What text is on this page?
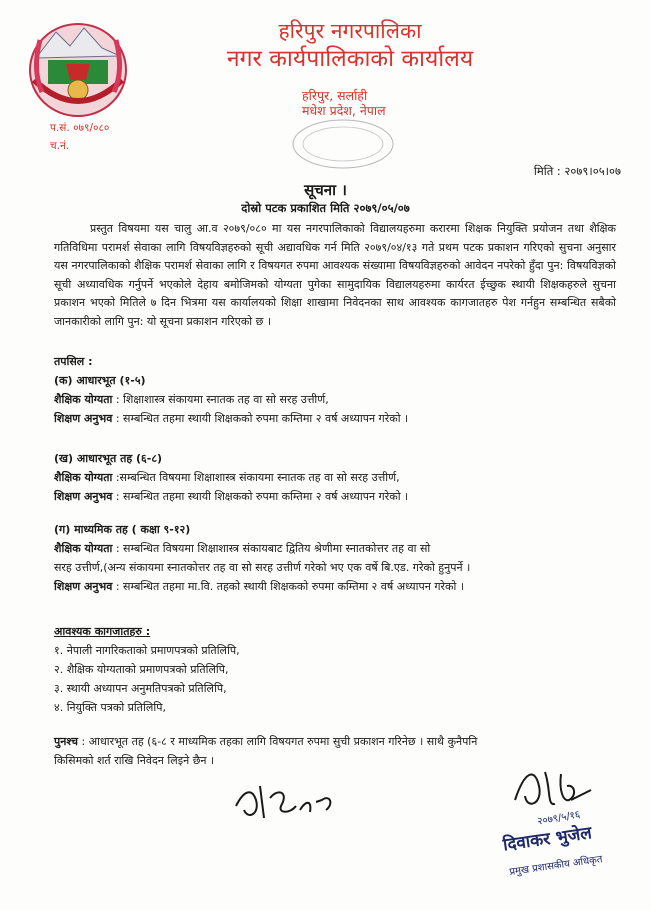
हरिपुर नगरपालिका
नगर कार्यपालिकाको कार्यालय
हरिपुर, सर्लाही
मधेश प्रदेश, नेपाल
प.सं. ०७९/०८०
च.नं.
मिति : २०७९।०५।०७
सूचना ।
दोस्रो पटक प्रकाशित मिति २०७९/०५/०७
प्रस्तुत विषयमा यस चालु आ.व २०७९/०८० मा यस नगरपालिकाको विद्यालयहरुमा करारमा शिक्षक नियुक्ति प्रयोजन तथा शैक्षिक गतिविधिमा परामर्श सेवाका लागि विषयविज्ञहरुको सूची अद्यावधिक गर्न मिति २०७९/०४/१३ गते प्रथम पटक प्रकाशन गरिएको सुचना अनुसार यस नगरपालिकाको शैक्षिक परामर्श सेवाका लागि र विषयगत रुपमा आवश्यक संख्यामा विषयविज्ञहरुको आवेदन नपरेको हुँदा पुन: विषयविज्ञको सूची अध्यावधिक गर्नुपर्ने भएकोले देहाय बमोजिमको योग्यता पुगेका सामुदायिक विद्यालयहरुमा कार्यरत ईच्छुक स्थायी शिक्षकहरुले सुचना प्रकाशन भएको मितिले ७ दिन भित्रमा यस कार्यालयको शिक्षा शाखामा निवेदनका साथ आवश्यक कागजातहरु पेश गर्नहुन सम्बन्धित सबैको जानकारीको लागि पुन: यो सूचना प्रकाशन गरिएको छ ।
तपसिल :
(क) आधारभूत (१-५)
शैक्षिक योग्यता : शिक्षाशास्त्र संकायमा स्नातक तह वा सो सरह उत्तीर्ण,
शिक्षण अनुभव : सम्बन्धित तहमा स्थायी शिक्षकको रुपमा कम्तिमा २ वर्ष अध्यापन गरेको ।
(ख) आधारभूत तह (६-८)
शैक्षिक योग्यता :सम्बन्धित विषयमा शिक्षाशास्त्र संकायमा स्नातक तह वा सो सरह उत्तीर्ण,
शिक्षण अनुभव : सम्बन्धित तहमा स्थायी शिक्षकको रुपमा कम्तिमा २ वर्ष अध्यापन गरेको ।
(ग) माध्यमिक तह ( कक्षा ९-१२)
शैक्षिक योग्यता : सम्बन्धित विषयमा शिक्षाशास्त्र संकायबाट द्वितिय श्रेणीमा स्नातकोत्तर तह वा सो
सरह उत्तीर्ण,(अन्य संकायमा स्नातकोत्तर तह वा सो सरह उत्तीर्ण गरेको भए एक वर्षे बि.एड. गरेको हुनुपर्ने ।
शिक्षण अनुभव : सम्बन्धित तहमा मा.वि. तहको स्थायी शिक्षकको रुपमा कम्तिमा २ वर्ष अध्यापन गरेको ।
आवश्यक कागजातहरु :
१. नेपाली नागरिकताको प्रमाणपत्रको प्रतिलिपि,
२. शैक्षिक योग्यताको प्रमाणपत्रको प्रतिलिपि,
३. स्थायी अध्यापन अनुमतिपत्रको प्रतिलिपि,
४. नियुक्ति पत्रको प्रतिलिपि,
पुनश्च : आधारभूत तह (६-८ र माध्यमिक तहका लागि विषयगत रुपमा सुची प्रकाशन गरिनेछ । साथै कुनैपनि
किसिमको शर्त राखि निवेदन लिइने छैन ।
२०७९/५/१६
दिवाकर भुजेल
प्रमुख प्रशासकीय अधिकृत
